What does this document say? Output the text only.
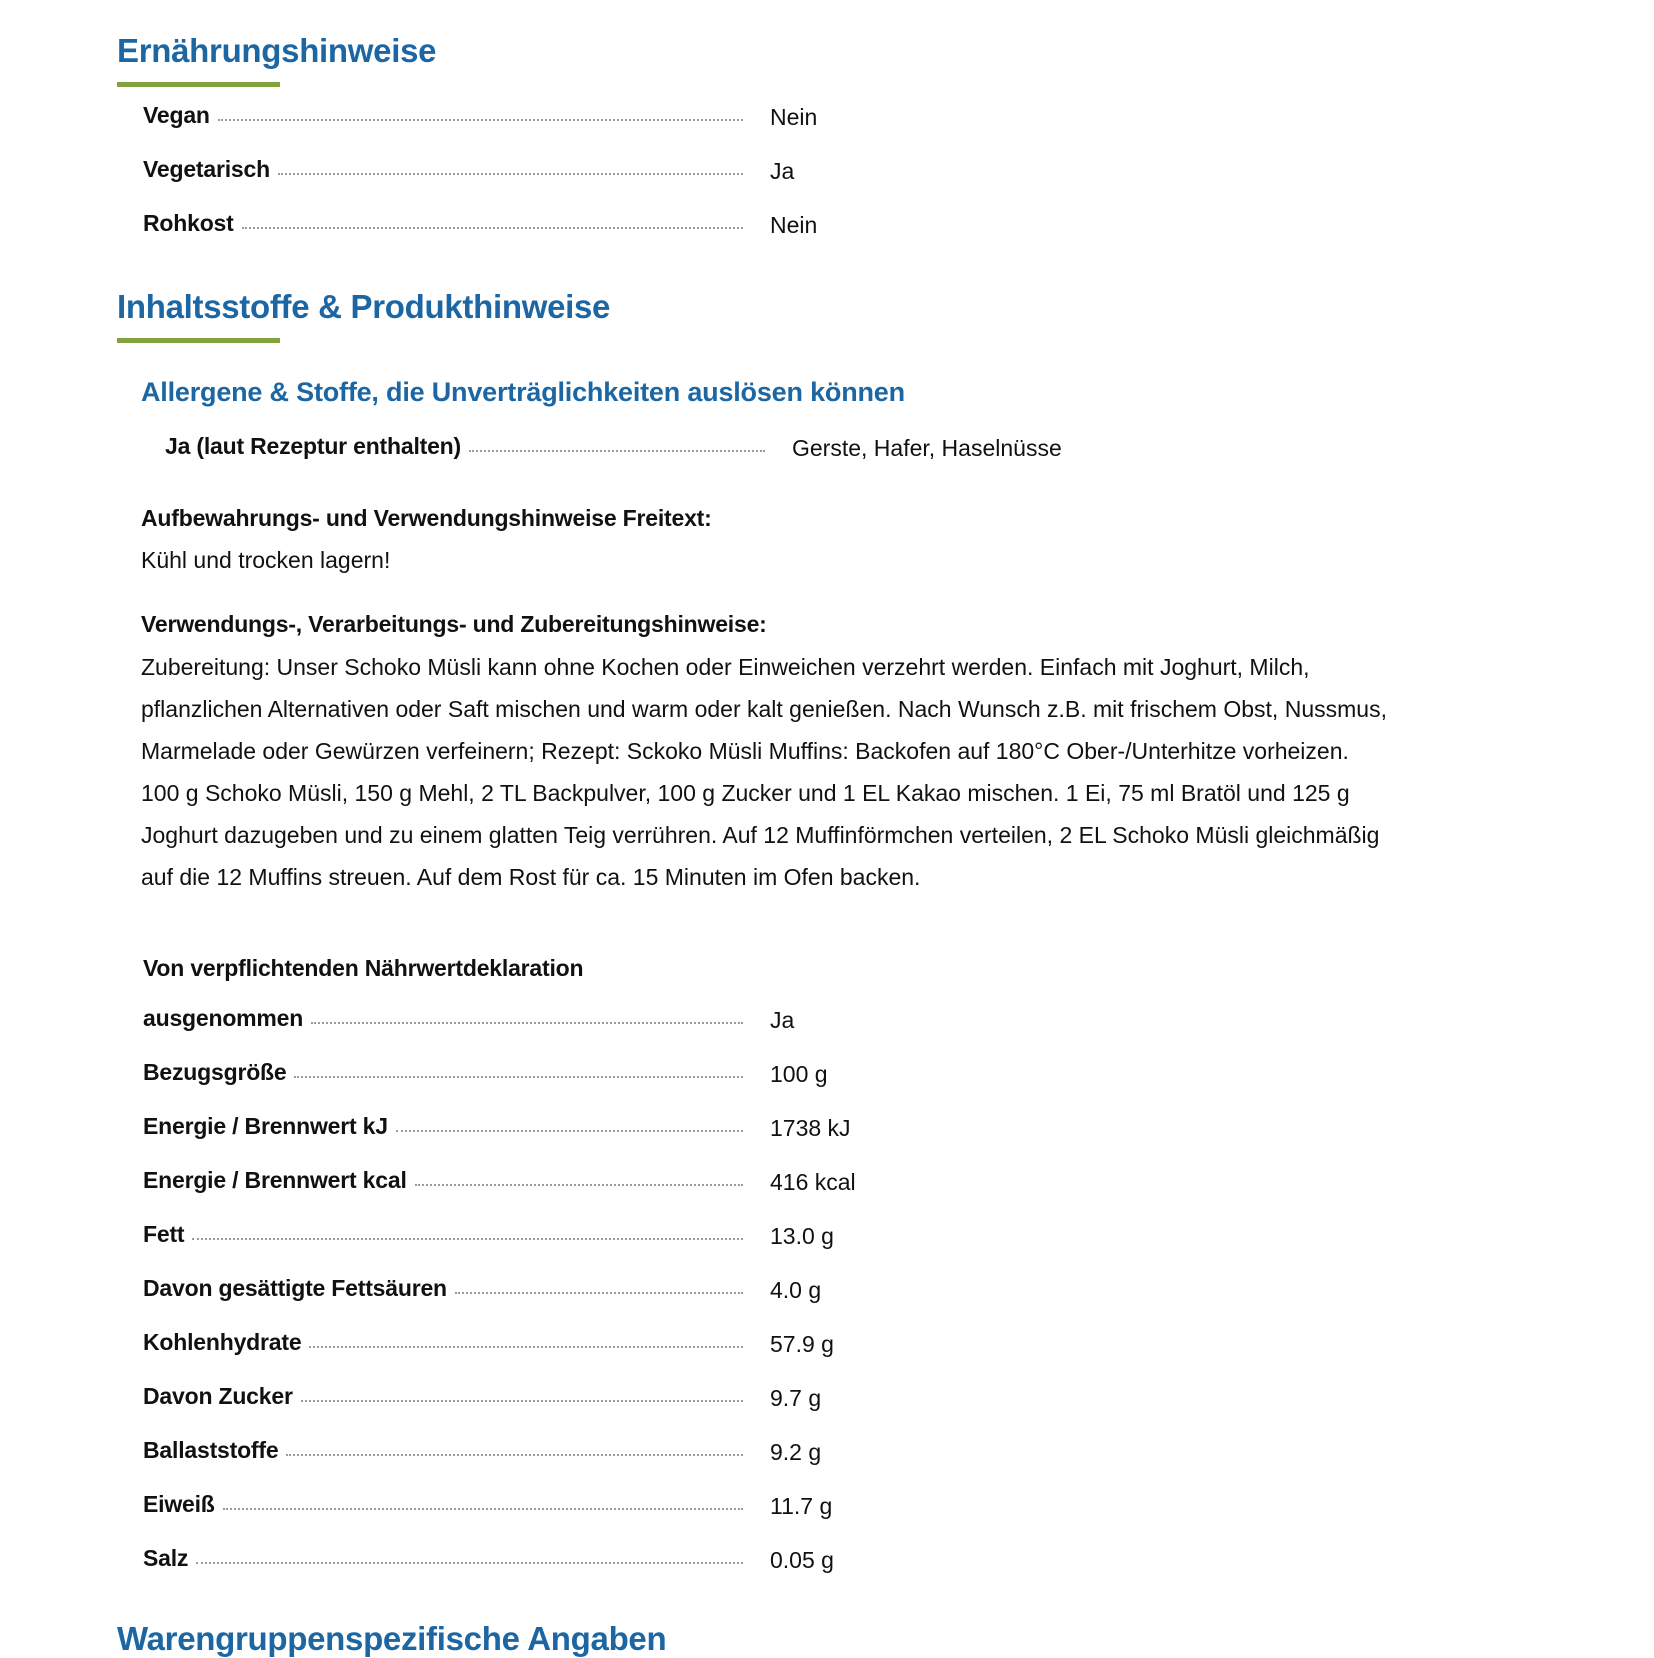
Ernährungshinweise
Vegan	Nein
Vegetarisch	Ja
Rohkost	Nein
Inhaltsstoffe & Produkthinweise
Allergene & Stoffe, die Unverträglichkeiten auslösen können
Ja (laut Rezeptur enthalten)	Gerste, Hafer, Haselnüsse
Aufbewahrungs- und Verwendungshinweise Freitext:
Kühl und trocken lagern!
Verwendungs-, Verarbeitungs- und Zubereitungshinweise:
Zubereitung: Unser Schoko Müsli kann ohne Kochen oder Einweichen verzehrt werden. Einfach mit Joghurt, Milch, pflanzlichen Alternativen oder Saft mischen und warm oder kalt genießen. Nach Wunsch z.B. mit frischem Obst, Nussmus, Marmelade oder Gewürzen verfeinern; Rezept: Sckoko Müsli Muffins: Backofen auf 180°C Ober-/Unterhitze vorheizen. 100 g Schoko Müsli, 150 g Mehl, 2 TL Backpulver, 100 g Zucker und 1 EL Kakao mischen. 1 Ei, 75 ml Bratöl und 125 g Joghurt dazugeben und zu einem glatten Teig verrühren. Auf 12 Muffinförmchen verteilen, 2 EL Schoko Müsli gleichmäßig auf die 12 Muffins streuen. Auf dem Rost für ca. 15 Minuten im Ofen backen.
Von verpflichtenden Nährwertdeklaration
ausgenommen	Ja
Bezugsgröße	100 g
Energie / Brennwert kJ	1738 kJ
Energie / Brennwert kcal	416 kcal
Fett	13.0 g
Davon gesättigte Fettsäuren	4.0 g
Kohlenhydrate	57.9 g
Davon Zucker	9.7 g
Ballaststoffe	9.2 g
Eiweiß	11.7 g
Salz	0.05 g
Warengruppenspezifische Angaben
